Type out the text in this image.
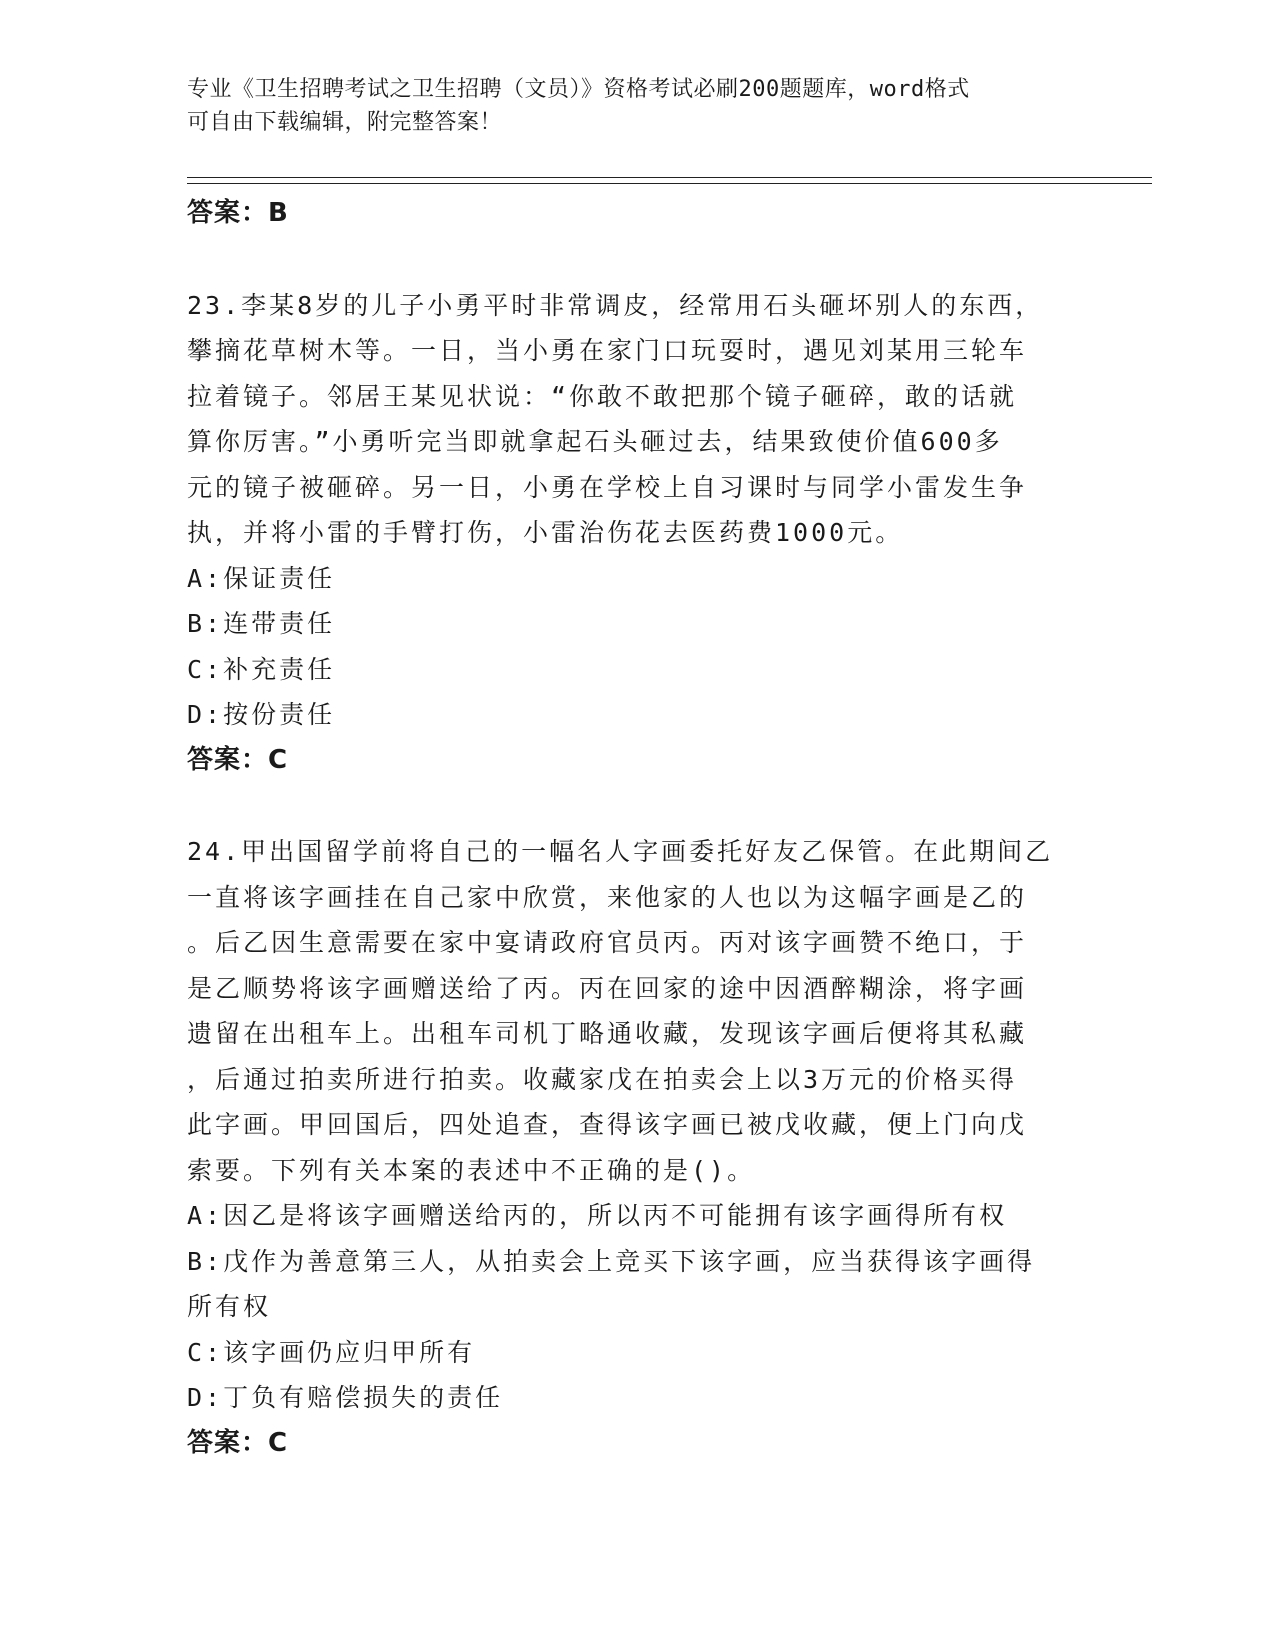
专业《卫生招聘考试之卫生招聘（文员）》资格考试必刷200题题库，word格式
可自由下载编辑，附完整答案！
答案：B
23.李某8岁的儿子小勇平时非常调皮，经常用石头砸坏别人的东西，
攀摘花草树木等。一日，当小勇在家门口玩耍时，遇见刘某用三轮车
拉着镜子。邻居王某见状说：“你敢不敢把那个镜子砸碎，敢的话就
算你厉害。”小勇听完当即就拿起石头砸过去，结果致使价值600多
元的镜子被砸碎。另一日，小勇在学校上自习课时与同学小雷发生争
执，并将小雷的手臂打伤，小雷治伤花去医药费1000元。
A:保证责任
B:连带责任
C:补充责任
D:按份责任
答案：C
24.甲出国留学前将自己的一幅名人字画委托好友乙保管。在此期间乙
一直将该字画挂在自己家中欣赏，来他家的人也以为这幅字画是乙的
。后乙因生意需要在家中宴请政府官员丙。丙对该字画赞不绝口，于
是乙顺势将该字画赠送给了丙。丙在回家的途中因酒醉糊涂，将字画
遗留在出租车上。出租车司机丁略通收藏，发现该字画后便将其私藏
，后通过拍卖所进行拍卖。收藏家戊在拍卖会上以3万元的价格买得
此字画。甲回国后，四处追查，查得该字画已被戊收藏，便上门向戊
索要。下列有关本案的表述中不正确的是()。
A:因乙是将该字画赠送给丙的，所以丙不可能拥有该字画得所有权
B:戊作为善意第三人，从拍卖会上竞买下该字画，应当获得该字画得
所有权
C:该字画仍应归甲所有
D:丁负有赔偿损失的责任
答案：C
